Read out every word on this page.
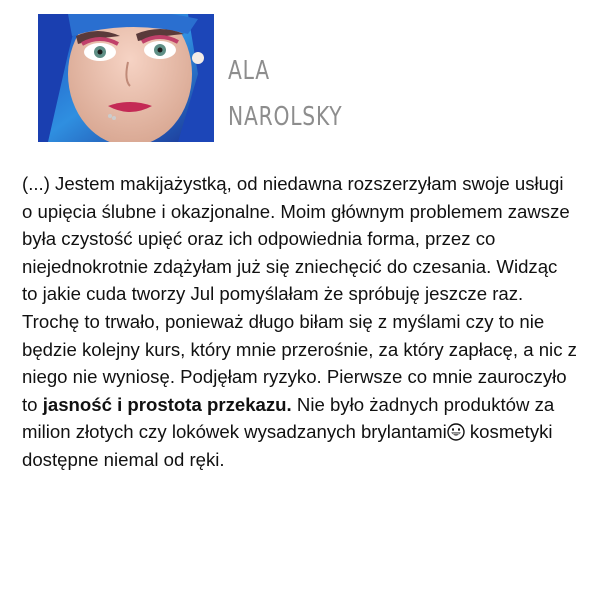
ALA
NAROLSKY
(...) Jestem makijażystką, od niedawna rozszerzyłam swoje usługi o upięcia ślubne i okazjonalne. Moim głównym problemem zawsze była czystość upięć oraz ich odpowiednia forma, przez co niejednokrotnie zdążyłam już się zniechęcić do czesania. Widząc to jakie cuda tworzy Jul pomyślałam że spróbuję jeszcze raz. Trochę to trwało, ponieważ długo biłam się z myślami czy to nie będzie kolejny kurs, który mnie przerośnie, za który zapłacę, a nic z niego nie wyniosę. Podjęłam ryzyko. Pierwsze co mnie zauroczyło to jasność i prostota przekazu. Nie było żadnych produktów za milion złotych czy lokówek wysadzanych brylantami kosmetyki dostępne niemal od ręki.
